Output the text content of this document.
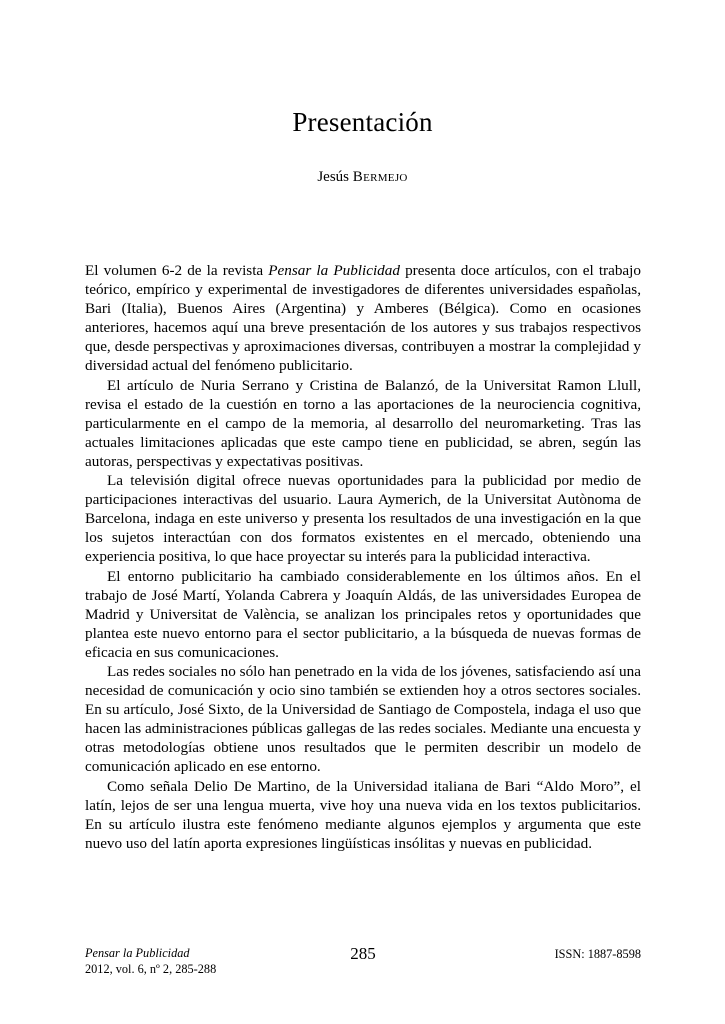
Presentación

Jesús Bermejo

El volumen 6-2 de la revista Pensar la Publicidad presenta doce artículos, con el trabajo teórico, empírico y experimental de investigadores de diferentes universidades españolas, Bari (Italia), Buenos Aires (Argentina) y Amberes (Bélgica). Como en ocasiones anteriores, hacemos aquí una breve presentación de los autores y sus trabajos respectivos que, desde perspectivas y aproximaciones diversas, contribuyen a mostrar la complejidad y diversidad actual del fenómeno publicitario.

El artículo de Nuria Serrano y Cristina de Balanzó, de la Universitat Ramon Llull, revisa el estado de la cuestión en torno a las aportaciones de la neurociencia cognitiva, particularmente en el campo de la memoria, al desarrollo del neuromarketing. Tras las actuales limitaciones aplicadas que este campo tiene en publicidad, se abren, según las autoras, perspectivas y expectativas positivas.

La televisión digital ofrece nuevas oportunidades para la publicidad por medio de participaciones interactivas del usuario. Laura Aymerich, de la Universitat Autònoma de Barcelona, indaga en este universo y presenta los resultados de una investigación en la que los sujetos interactúan con dos formatos existentes en el mercado, obteniendo una experiencia positiva, lo que hace proyectar su interés para la publicidad interactiva.

El entorno publicitario ha cambiado considerablemente en los últimos años. En el trabajo de José Martí, Yolanda Cabrera y Joaquín Aldás, de las universidades Europea de Madrid y Universitat de València, se analizan los principales retos y oportunidades que plantea este nuevo entorno para el sector publicitario, a la búsqueda de nuevas formas de eficacia en sus comunicaciones.

Las redes sociales no sólo han penetrado en la vida de los jóvenes, satisfaciendo así una necesidad de comunicación y ocio sino también se extienden hoy a otros sectores sociales. En su artículo, José Sixto, de la Universidad de Santiago de Compostela, indaga el uso que hacen las administraciones públicas gallegas de las redes sociales. Mediante una encuesta y otras metodologías obtiene unos resultados que le permiten describir un modelo de comunicación aplicado en ese entorno.

Como señala Delio De Martino, de la Universidad italiana de Bari “Aldo Moro”, el latín, lejos de ser una lengua muerta, vive hoy una nueva vida en los textos publicitarios. En su artículo ilustra este fenómeno mediante algunos ejemplos y argumenta que este nuevo uso del latín aporta expresiones lingüísticas insólitas y nuevas en publicidad.

Pensar la Publicidad
2012, vol. 6, nº 2, 285-288
285	ISSN: 1887-8598
